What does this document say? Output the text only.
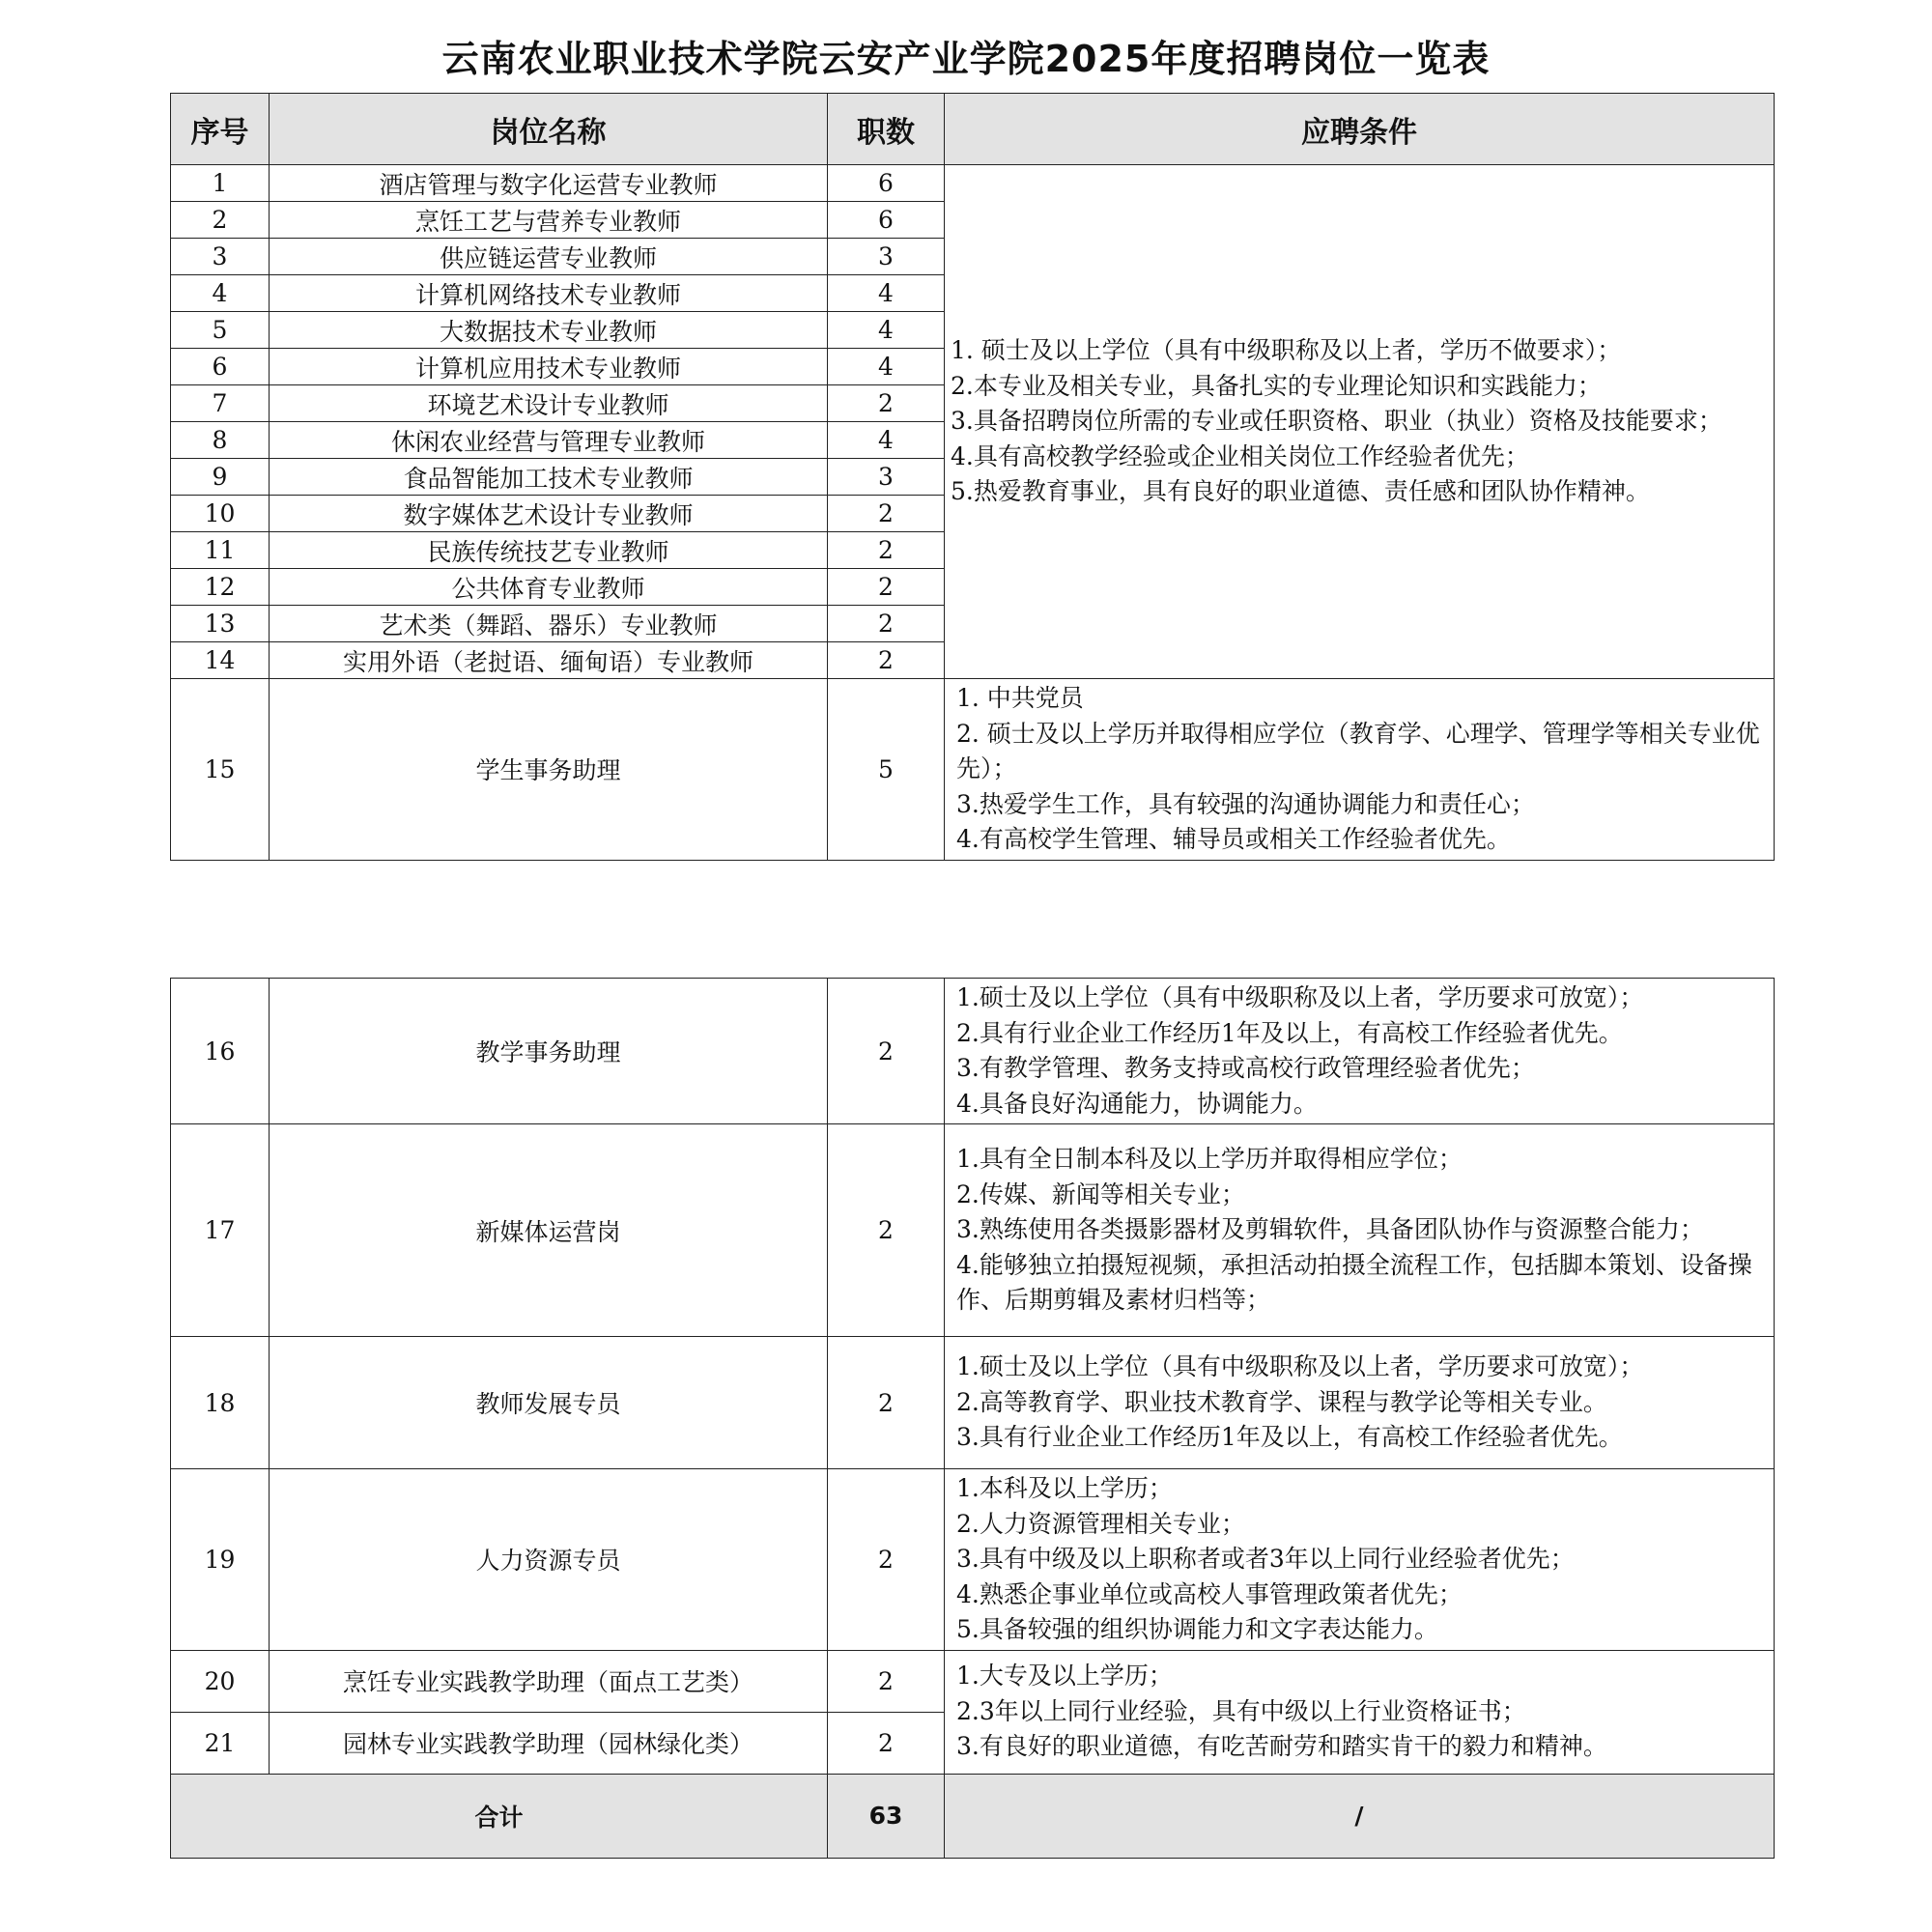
云南农业职业技术学院云安产业学院2025年度招聘岗位一览表
序号	岗位名称	职数	应聘条件
1	酒店管理与数字化运营专业教师	6	1. 硕士及以上学位（具有中级职称及以上者，学历不做要求）；
2.本专业及相关专业，具备扎实的专业理论知识和实践能力；
3.具备招聘岗位所需的专业或任职资格、职业（执业）资格及技能要求；
4.具有高校教学经验或企业相关岗位工作经验者优先；
5.热爱教育事业，具有良好的职业道德、责任感和团队协作精神。

2	烹饪工艺与营养专业教师	6	
3	供应链运营专业教师	3	
4	计算机网络技术专业教师	4	
5	大数据技术专业教师	4	
6	计算机应用技术专业教师	4	
7	环境艺术设计专业教师	2	
8	休闲农业经营与管理专业教师	4	
9	食品智能加工技术专业教师	3	
10	数字媒体艺术设计专业教师	2	
11	民族传统技艺专业教师	2	
12	公共体育专业教师	2	
13	艺术类（舞蹈、器乐）专业教师	2	
14	实用外语（老挝语、缅甸语）专业教师	2	
15	学生事务助理	5	1. 中共党员
2. 硕士及以上学历并取得相应学位（教育学、心理学、管理学等相关专业优先）；
3.热爱学生工作，具有较强的沟通协调能力和责任心；
4.有高校学生管理、辅导员或相关工作经验者优先。
16	教学事务助理	2	1.硕士及以上学位（具有中级职称及以上者，学历要求可放宽）；
2.具有行业企业工作经历1年及以上，有高校工作经验者优先。
3.有教学管理、教务支持或高校行政管理经验者优先；
4.具备良好沟通能力，协调能力。

17	新媒体运营岗	2	1.具有全日制本科及以上学历并取得相应学位；
2.传媒、新闻等相关专业；
3.熟练使用各类摄影器材及剪辑软件，具备团队协作与资源整合能力；
4.能够独立拍摄短视频，承担活动拍摄全流程工作，包括脚本策划、设备操作、后期剪辑及素材归档等；

18	教师发展专员	2	1.硕士及以上学位（具有中级职称及以上者，学历要求可放宽）；
2.高等教育学、职业技术教育学、课程与教学论等相关专业。
3.具有行业企业工作经历1年及以上，有高校工作经验者优先。

19	人力资源专员	2	1.本科及以上学历；
2.人力资源管理相关专业；
3.具有中级及以上职称者或者3年以上同行业经验者优先；
4.熟悉企事业单位或高校人事管理政策者优先；
5.具备较强的组织协调能力和文字表达能力。

20	烹饪专业实践教学助理（面点工艺类）	2	1.大专及以上学历；
2.3年以上同行业经验，具有中级以上行业资格证书；
3.有良好的职业道德，有吃苦耐劳和踏实肯干的毅力和精神。

21	园林专业实践教学助理（园林绿化类）	2	
合计		63	/
